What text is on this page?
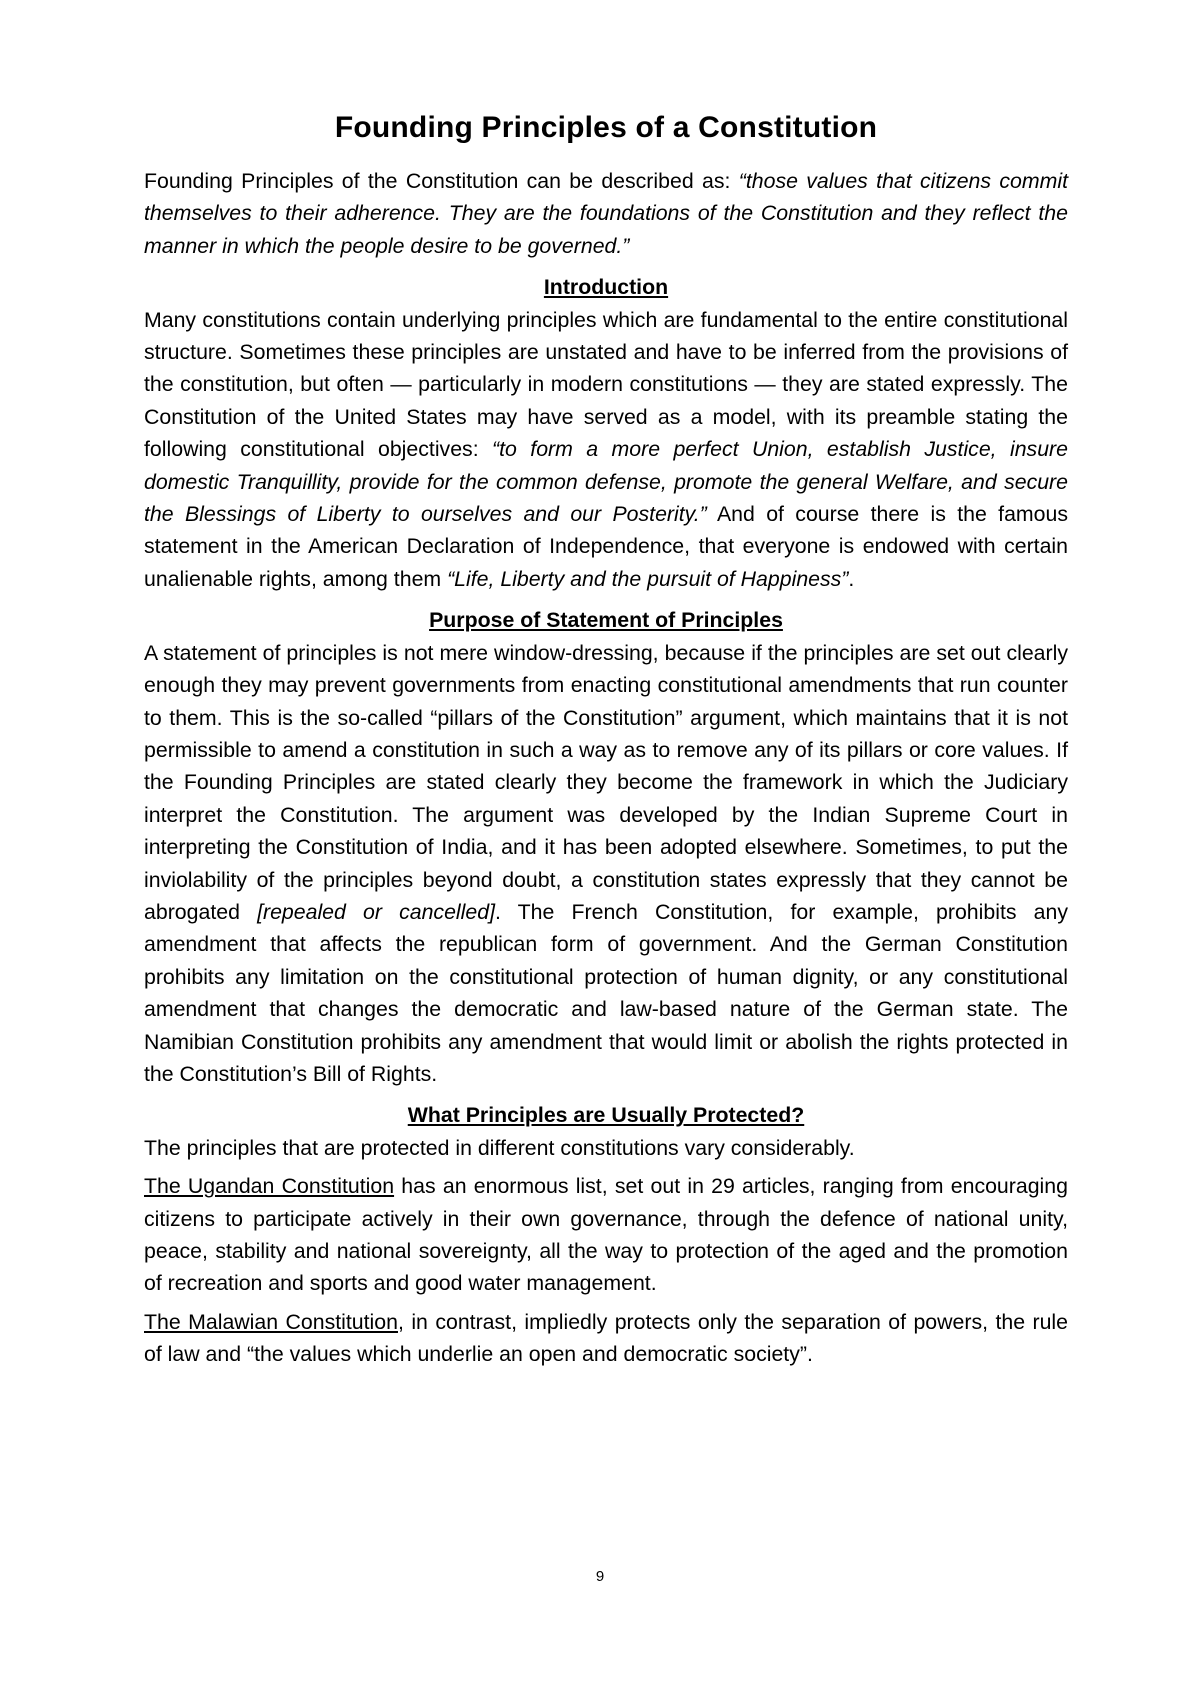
Founding Principles of a Constitution

Founding Principles of the Constitution can be described as: “those values that citizens commit themselves to their adherence. They are the foundations of the Constitution and they reflect the manner in which the people desire to be governed.”

Introduction

Many constitutions contain underlying principles which are fundamental to the entire constitutional structure. Sometimes these principles are unstated and have to be inferred from the provisions of the constitution, but often — particularly in modern constitutions — they are stated expressly. The Constitution of the United States may have served as a model, with its preamble stating the following constitutional objectives: “to form a more perfect Union, establish Justice, insure domestic Tranquillity, provide for the common defense, promote the general Welfare, and secure the Blessings of Liberty to ourselves and our Posterity.” And of course there is the famous statement in the American Declaration of Independence, that everyone is endowed with certain unalienable rights, among them “Life, Liberty and the pursuit of Happiness”.

Purpose of Statement of Principles

A statement of principles is not mere window-dressing, because if the principles are set out clearly enough they may prevent governments from enacting constitutional amendments that run counter to them. This is the so-called “pillars of the Constitution” argument, which maintains that it is not permissible to amend a constitution in such a way as to remove any of its pillars or core values. If the Founding Principles are stated clearly they become the framework in which the Judiciary interpret the Constitution. The argument was developed by the Indian Supreme Court in interpreting the Constitution of India, and it has been adopted elsewhere. Sometimes, to put the inviolability of the principles beyond doubt, a constitution states expressly that they cannot be abrogated [repealed or cancelled]. The French Constitution, for example, prohibits any amendment that affects the republican form of government. And the German Constitution prohibits any limitation on the constitutional protection of human dignity, or any constitutional amendment that changes the democratic and law-based nature of the German state. The Namibian Constitution prohibits any amendment that would limit or abolish the rights protected in the Constitution’s Bill of Rights.

What Principles are Usually Protected?

The principles that are protected in different constitutions vary considerably.

The Ugandan Constitution has an enormous list, set out in 29 articles, ranging from encouraging citizens to participate actively in their own governance, through the defence of national unity, peace, stability and national sovereignty, all the way to protection of the aged and the promotion of recreation and sports and good water management.

The Malawian Constitution, in contrast, impliedly protects only the separation of powers, the rule of law and “the values which underlie an open and democratic society”.

9
